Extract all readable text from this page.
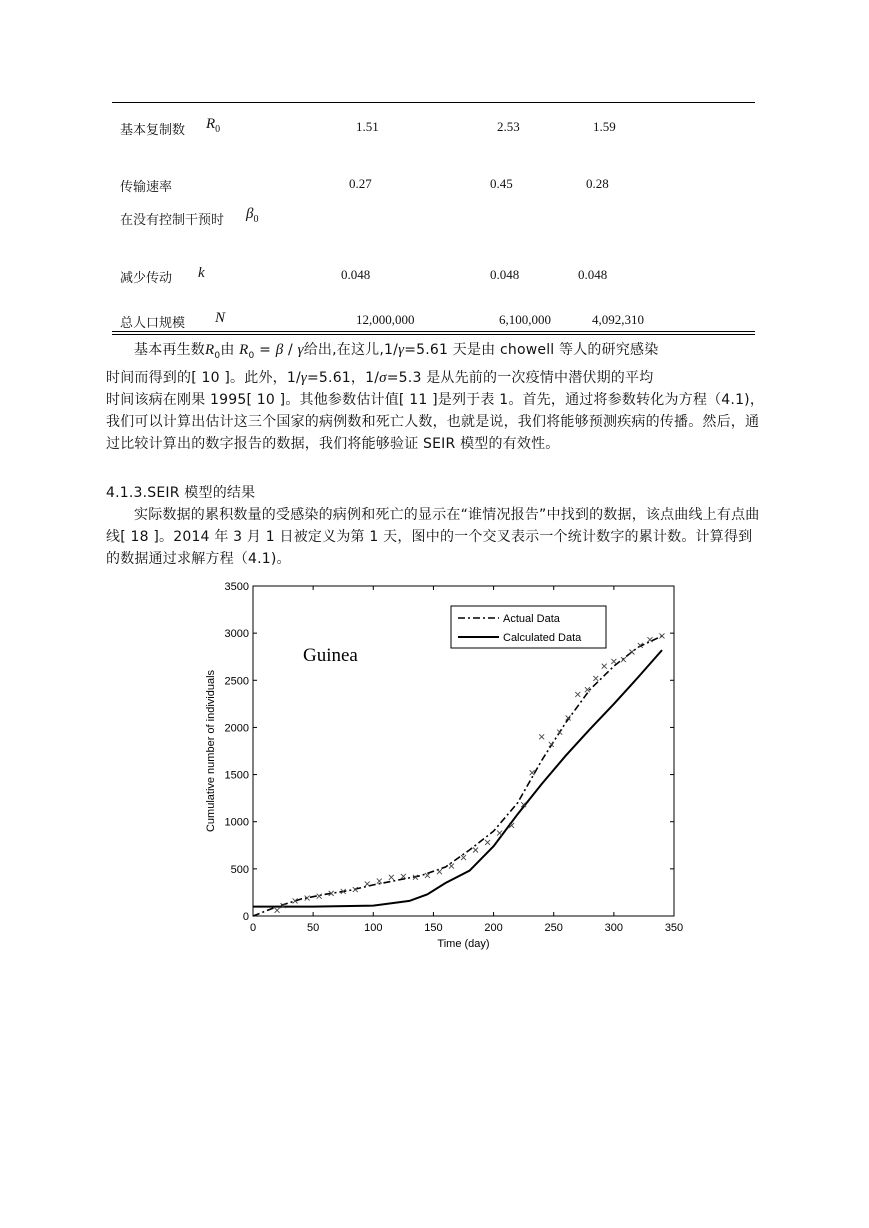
基本复制数 $R_0$	1.51	2.53	1.59
传输速率	0.27	0.45	0.28
在没有控制干预时 $\beta_0$
减少传动 k	0.048	0.048	0.048
总人口规模 N	12,000,000	6,100,000	4,092,310

基本再生数$R_0$由 $R_0 = \beta / \gamma$给出,在这儿,1/γ=5.61 天是由 chowell 等人的研究感染

时间而得到的[ 10 ]。此外，1/γ=5.61，1/σ=5.3 是从先前的一次疫情中潜伏期的平均

时间该病在刚果 1995[ 10 ]。其他参数估计值[ 11 ]是列于表 1。首先，通过将参数转化为方程（4.1)，我们可以计算出估计这三个国家的病例数和死亡人数，也就是说，我们将能够预测疾病的传播。然后，通过比较计算出的数字报告的数据，我们将能够验证 SEIR 模型的有效性。

4.1.3.SEIR 模型的结果
实际数据的累积数量的受感染的病例和死亡的显示在“谁情况报告”中找到的数据，该点曲线上有点曲线[ 18 ]。2014 年 3 月 1 日被定义为第 1 天，图中的一个交叉表示一个统计数字的累计数。计算得到的数据通过求解方程（4.1)。
0	50	100	150	200	250	300	350
0
500
1000
1500
2000
2500
3000
3500
Time (day)
Cumulative number of individuals
Actual Data
Calculated Data
Guinea
